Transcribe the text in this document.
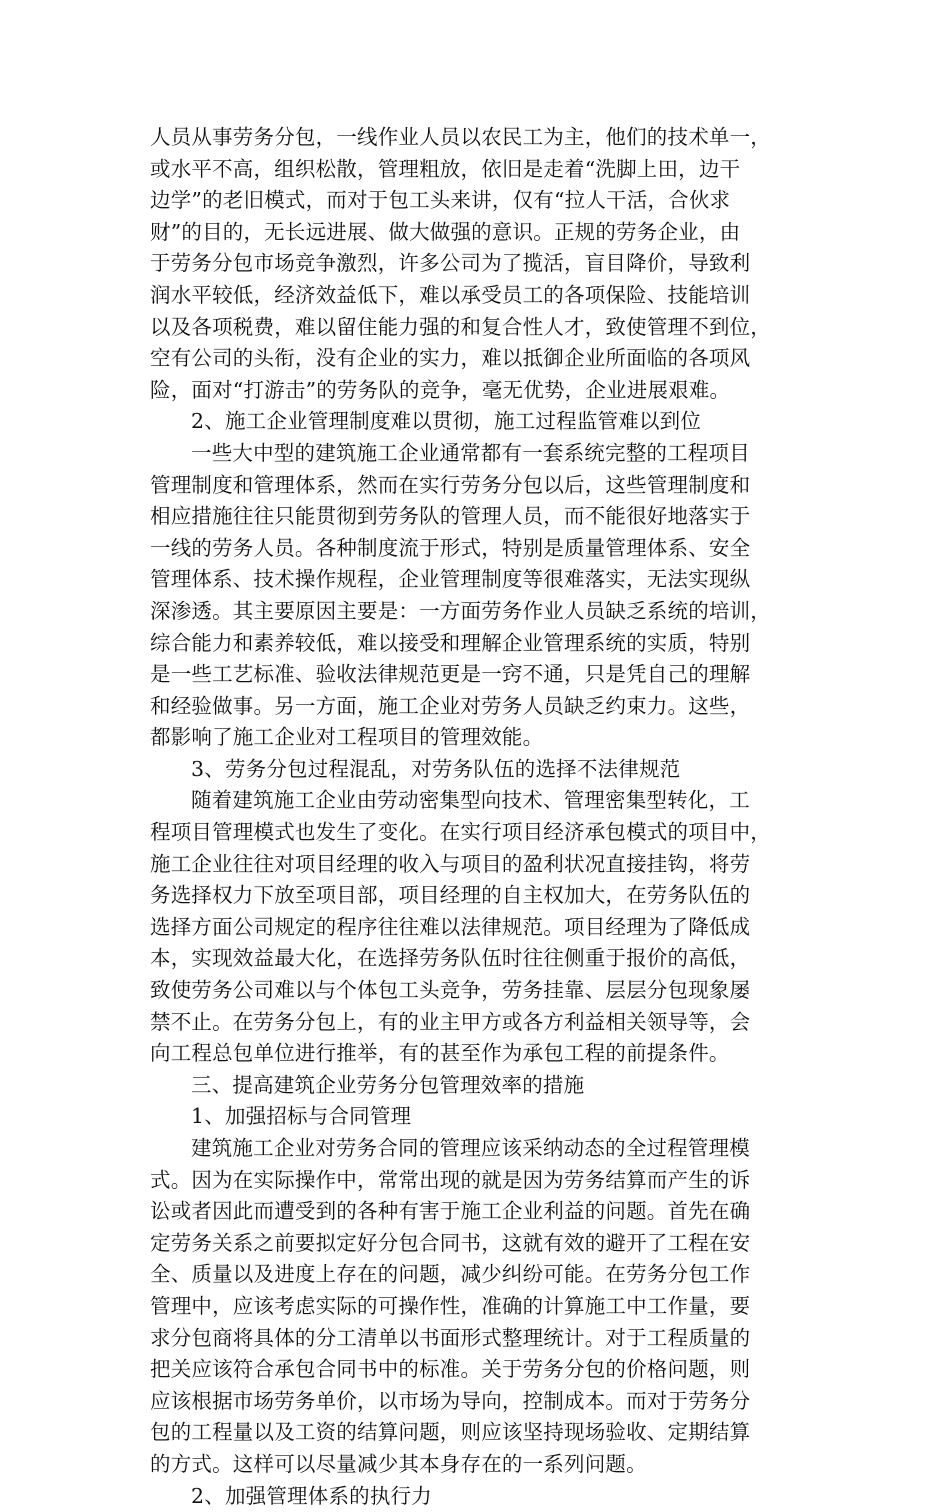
人员从事劳务分包，一线作业人员以农民工为主，他们的技术单一，
或水平不高，组织松散，管理粗放，依旧是走着“洗脚上田，边干
边学”的老旧模式，而对于包工头来讲，仅有“拉人干活，合伙求
财”的目的，无长远进展、做大做强的意识。正规的劳务企业，由
于劳务分包市场竞争激烈，许多公司为了揽活，盲目降价，导致利
润水平较低，经济效益低下，难以承受员工的各项保险、技能培训
以及各项税费，难以留住能力强的和复合性人才，致使管理不到位，
空有公司的头衔，没有企业的实力，难以抵御企业所面临的各项风
险，面对“打游击”的劳务队的竞争，毫无优势，企业进展艰难。
2、施工企业管理制度难以贯彻，施工过程监管难以到位
一些大中型的建筑施工企业通常都有一套系统完整的工程项目
管理制度和管理体系，然而在实行劳务分包以后，这些管理制度和
相应措施往往只能贯彻到劳务队的管理人员，而不能很好地落实于
一线的劳务人员。各种制度流于形式，特别是质量管理体系、安全
管理体系、技术操作规程，企业管理制度等很难落实，无法实现纵
深渗透。其主要原因主要是：一方面劳务作业人员缺乏系统的培训，
综合能力和素养较低，难以接受和理解企业管理系统的实质，特别
是一些工艺标准、验收法律规范更是一窍不通，只是凭自己的理解
和经验做事。另一方面，施工企业对劳务人员缺乏约束力。这些，
都影响了施工企业对工程项目的管理效能。
3、劳务分包过程混乱，对劳务队伍的选择不法律规范
随着建筑施工企业由劳动密集型向技术、管理密集型转化，工
程项目管理模式也发生了变化。在实行项目经济承包模式的项目中，
施工企业往往对项目经理的收入与项目的盈利状况直接挂钩，将劳
务选择权力下放至项目部，项目经理的自主权加大，在劳务队伍的
选择方面公司规定的程序往往难以法律规范。项目经理为了降低成
本，实现效益最大化，在选择劳务队伍时往往侧重于报价的高低，
致使劳务公司难以与个体包工头竞争，劳务挂靠、层层分包现象屡
禁不止。在劳务分包上，有的业主甲方或各方利益相关领导等，会
向工程总包单位进行推举，有的甚至作为承包工程的前提条件。
三、提高建筑企业劳务分包管理效率的措施
1、加强招标与合同管理
建筑施工企业对劳务合同的管理应该采纳动态的全过程管理模
式。因为在实际操作中，常常出现的就是因为劳务结算而产生的诉
讼或者因此而遭受到的各种有害于施工企业利益的问题。首先在确
定劳务关系之前要拟定好分包合同书，这就有效的避开了工程在安
全、质量以及进度上存在的问题，减少纠纷可能。在劳务分包工作
管理中，应该考虑实际的可操作性，准确的计算施工中工作量，要
求分包商将具体的分工清单以书面形式整理统计。对于工程质量的
把关应该符合承包合同书中的标准。关于劳务分包的价格问题，则
应该根据市场劳务单价，以市场为导向，控制成本。而对于劳务分
包的工程量以及工资的结算问题，则应该坚持现场验收、定期结算
的方式。这样可以尽量减少其本身存在的一系列问题。
2、加强管理体系的执行力
